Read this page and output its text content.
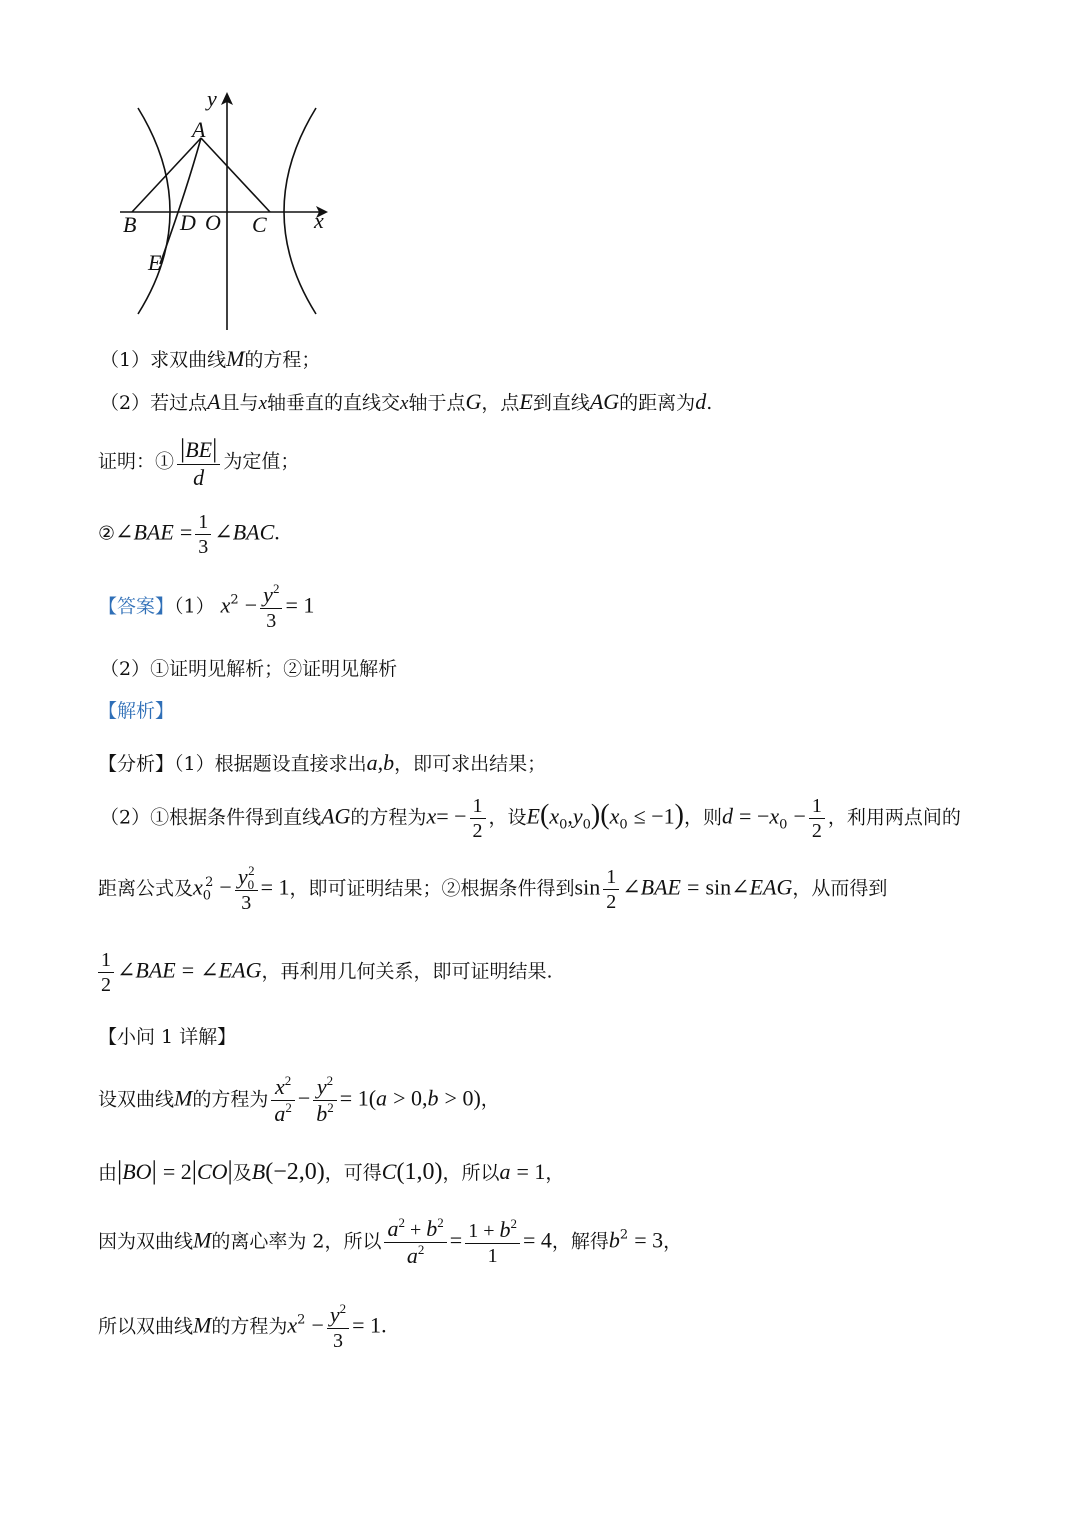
y
A
B D O C x
E
（1）求双曲线M的方程；
（2）若过点A且与x轴垂直的直线交x轴于点G，点E到直线AG的距离为d.
证明：① $\frac{|BE|}{d}$ 为定值；
②∠BAE = $\frac{1}{3}$ ∠BAC.
【答案】（1） $x^2 - \frac{y^2}{3} = 1$
（2）①证明见解析；②证明见解析
【解析】
【分析】（1）根据题设直接求出a,b，即可求出结果；
（2）①根据条件得到直线AG的方程为$x= - \frac{1}{2}$ ，设$E(x_0,y_0)(x_0 \le -1)$，则$d = -x_0 - \frac{1}{2}$ ，利用两点间的
距离公式及$x_0^2 - \frac{y_0^2}{3} = 1$，即可证明结果；②根据条件得到$\sin \frac{1}{2}$ ∠BAE = sin∠EAG，从而得到
$\frac{1}{2}$ ∠BAE = ∠EAG，再利用几何关系，即可证明结果.
【小问 1 详解】
设双曲线M的方程为 $\frac{x^2}{a^2} - \frac{y^2}{b^2} = 1(a > 0,b > 0)$，
由|BO| = 2|CO|及B(−2,0)，可得C(1,0)，所以a = 1，
因为双曲线M的离心率为 2，所以 $\frac{a^2 + b^2}{a^2} = \frac{1 + b^2}{1} = 4$，解得$b^2 = 3$，
所以双曲线M的方程为$x^2 - \frac{y^2}{3} = 1$.
